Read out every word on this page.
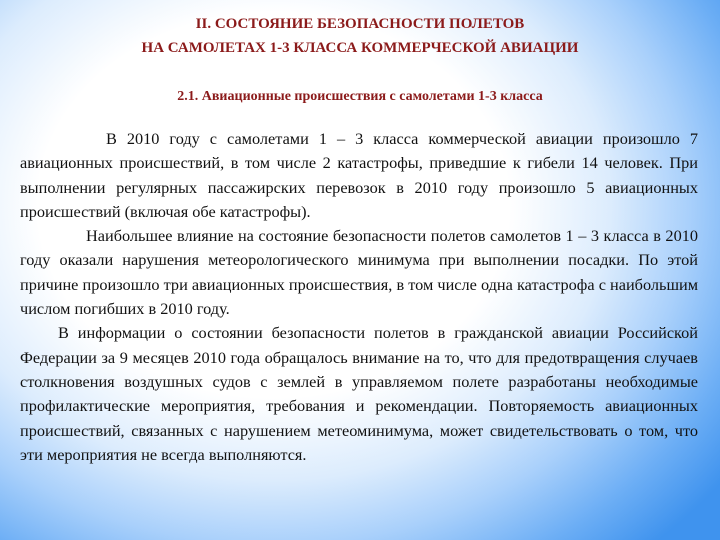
II. СОСТОЯНИЕ БЕЗОПАСНОСТИ ПОЛЕТОВ
НА САМОЛЕТАХ 1-3 КЛАССА КОММЕРЧЕСКОЙ АВИАЦИИ
2.1. Авиационные происшествия с самолетами 1-3 класса

В 2010 году с самолетами 1 – 3 класса коммерческой авиации произошло 7 авиационных происшествий, в том числе 2 катастрофы, приведшие к гибели 14 человек. При выполнении регулярных пассажирских перевозок в 2010 году произошло 5 авиационных происшествий (включая обе катастрофы).

Наибольшее влияние на состояние безопасности полетов самолетов 1 – 3 класса в 2010 году оказали нарушения метеорологического минимума при выполнении посадки. По этой причине произошло три авиационных происшествия, в том числе одна катастрофа с наибольшим числом погибших в 2010 году.

В информации о состоянии безопасности полетов в гражданской авиации Российской Федерации за 9 месяцев 2010 года обращалось внимание на то, что для предотвращения случаев столкновения воздушных судов с землей в управляемом полете разработаны необходимые профилактические мероприятия, требования и рекомендации. Повторяемость авиационных происшествий, связанных с нарушением метеоминимума, может свидетельствовать о том, что эти мероприятия не всегда выполняются.
